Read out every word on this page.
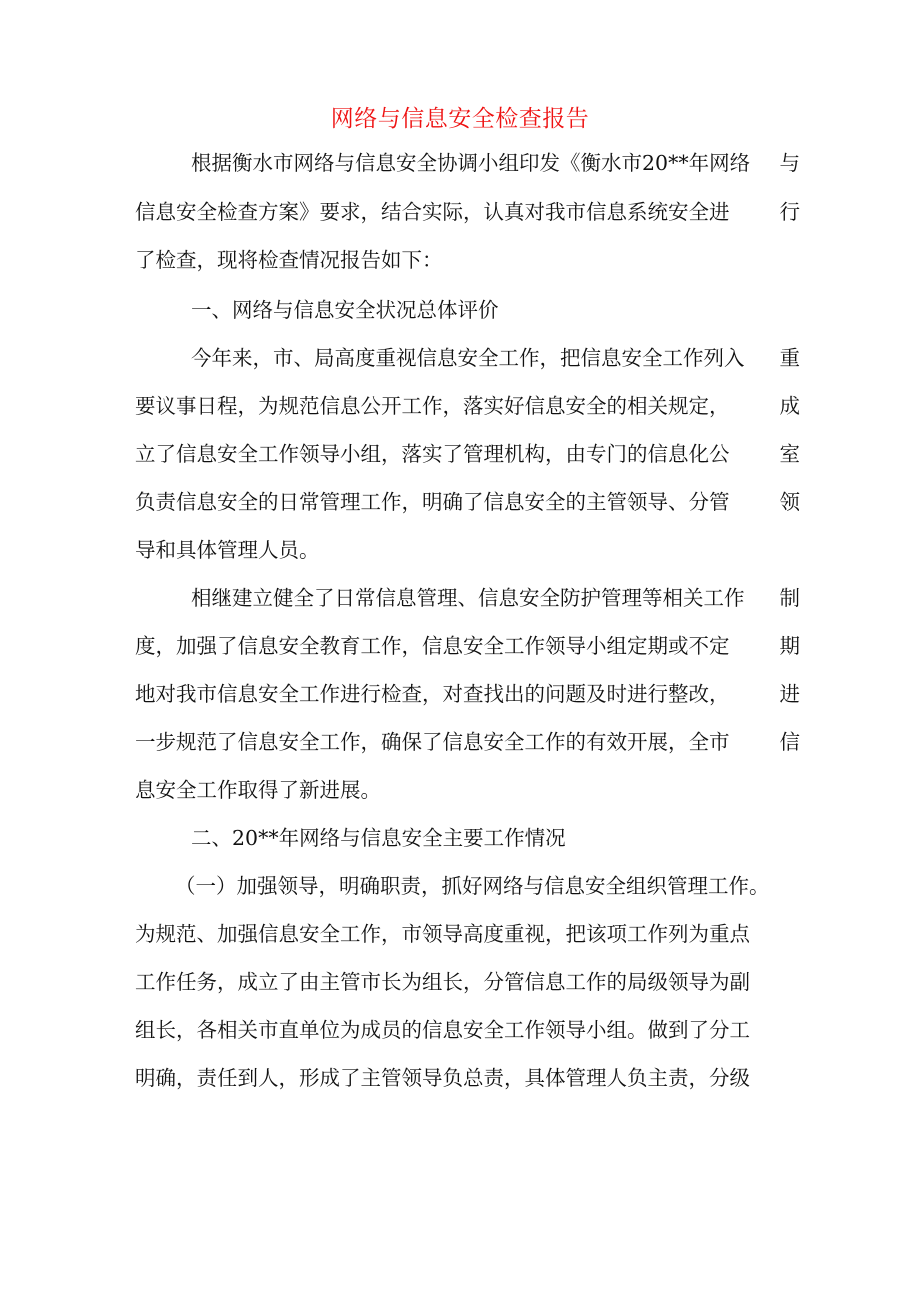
网络与信息安全检查报告
根据衡水市网络与信息安全协调小组印发《衡水市20**年网络 与
信息安全检查方案》要求，结合实际，认真对我市信息系统安全进 行
了检查，现将检查情况报告如下：
一、网络与信息安全状况总体评价
今年来，市、局高度重视信息安全工作，把信息安全工作列入 重
要议事日程，为规范信息公开工作，落实好信息安全的相关规定， 成
立了信息安全工作领导小组，落实了管理机构，由专门的信息化公 室
负责信息安全的日常管理工作，明确了信息安全的主管领导、分管 领
导和具体管理人员。
相继建立健全了日常信息管理、信息安全防护管理等相关工作 制
度，加强了信息安全教育工作，信息安全工作领导小组定期或不定 期
地对我市信息安全工作进行检查，对查找出的问题及时进行整改， 进
一步规范了信息安全工作，确保了信息安全工作的有效开展，全市 信
息安全工作取得了新进展。
二、20**年网络与信息安全主要工作情况
（一）加强领导，明确职责，抓好网络与信息安全组织管理工作。
为规范、加强信息安全工作，市领导高度重视，把该项工作列为重点
工作任务，成立了由主管市长为组长，分管信息工作的局级领导为副
组长，各相关市直单位为成员的信息安全工作领导小组。做到了分工
明确，责任到人，形成了主管领导负总责，具体管理人负主责，分级
